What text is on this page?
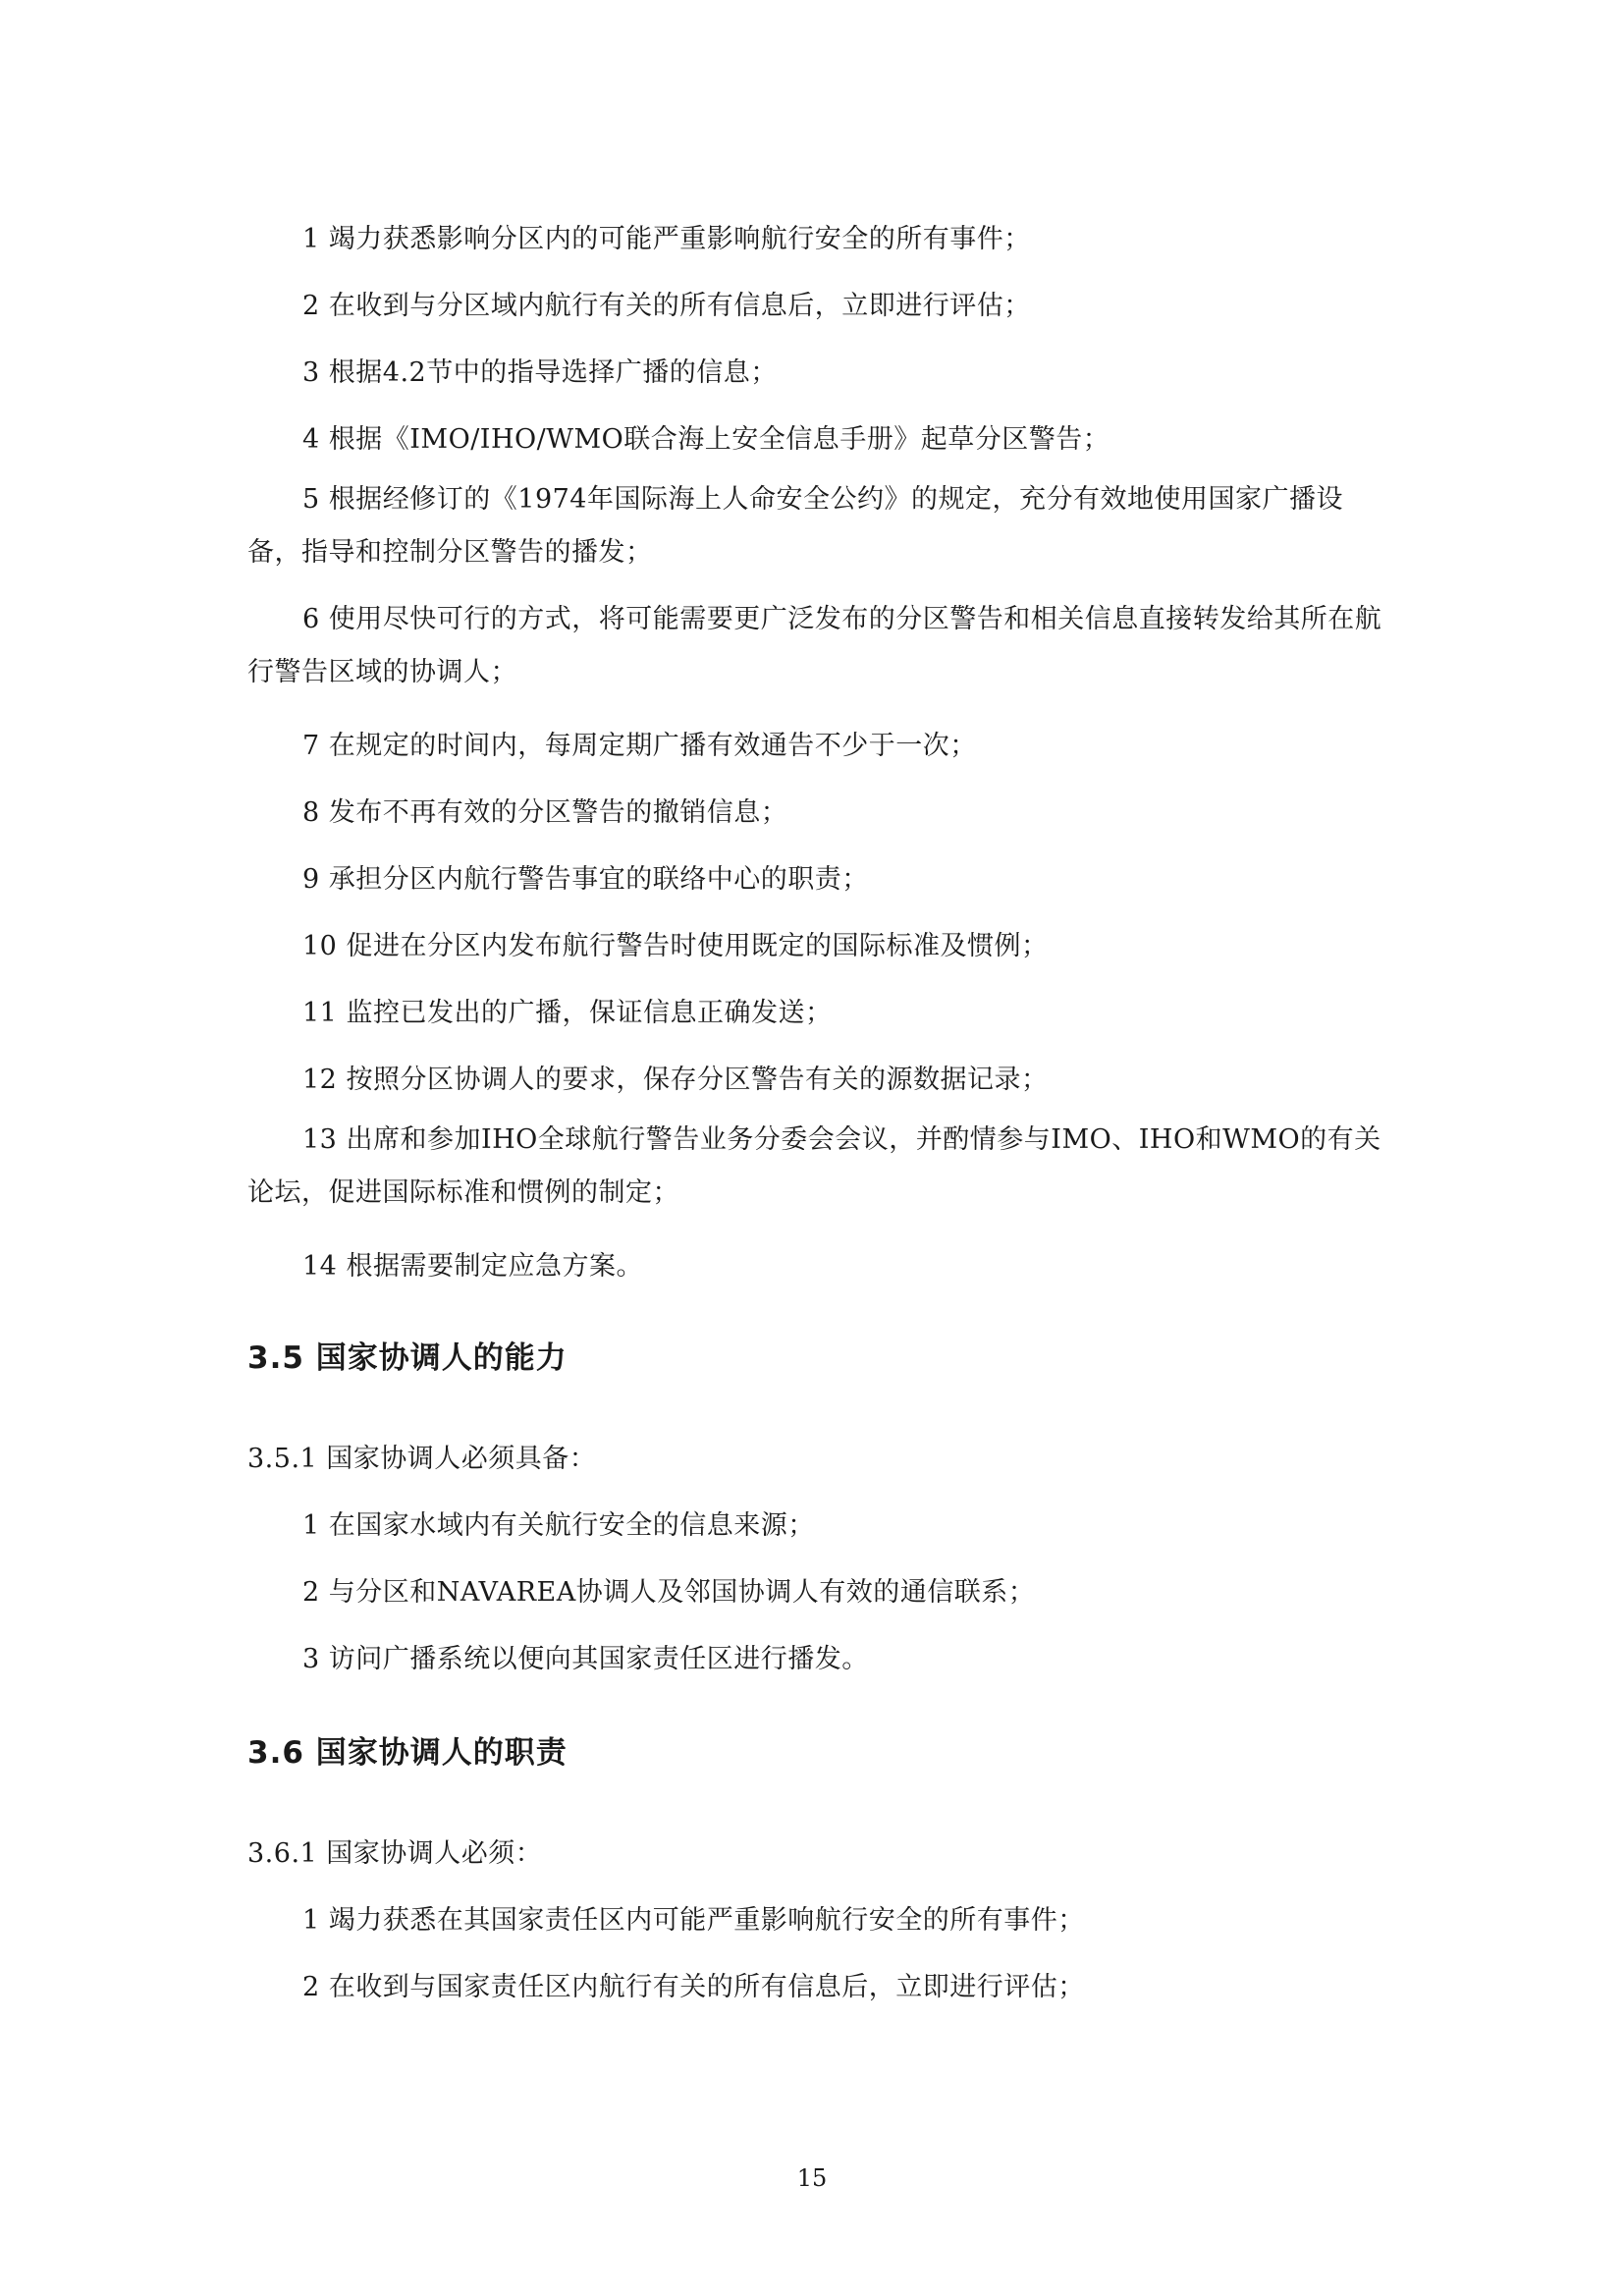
1 竭力获悉影响分区内的可能严重影响航行安全的所有事件；

2 在收到与分区域内航行有关的所有信息后，立即进行评估；

3 根据4.2节中的指导选择广播的信息；

4 根据《IMO/IHO/WMO联合海上安全信息手册》起草分区警告；

5 根据经修订的《1974年国际海上人命安全公约》的规定，充分有效地使用国家广播设备，指导和控制分区警告的播发；

6 使用尽快可行的方式，将可能需要更广泛发布的分区警告和相关信息直接转发给其所在航行警告区域的协调人；

7 在规定的时间内，每周定期广播有效通告不少于一次；

8 发布不再有效的分区警告的撤销信息；

9 承担分区内航行警告事宜的联络中心的职责；

10 促进在分区内发布航行警告时使用既定的国际标准及惯例；

11 监控已发出的广播，保证信息正确发送；

12 按照分区协调人的要求，保存分区警告有关的源数据记录；

13 出席和参加IHO全球航行警告业务分委会会议，并酌情参与IMO、IHO和WMO的有关论坛，促进国际标准和惯例的制定；

14 根据需要制定应急方案。

3.5 国家协调人的能力

3.5.1 国家协调人必须具备：

1 在国家水域内有关航行安全的信息来源；

2 与分区和NAVAREA协调人及邻国协调人有效的通信联系；

3 访问广播系统以便向其国家责任区进行播发。

3.6 国家协调人的职责

3.6.1 国家协调人必须：

1 竭力获悉在其国家责任区内可能严重影响航行安全的所有事件；

2 在收到与国家责任区内航行有关的所有信息后，立即进行评估；

15
